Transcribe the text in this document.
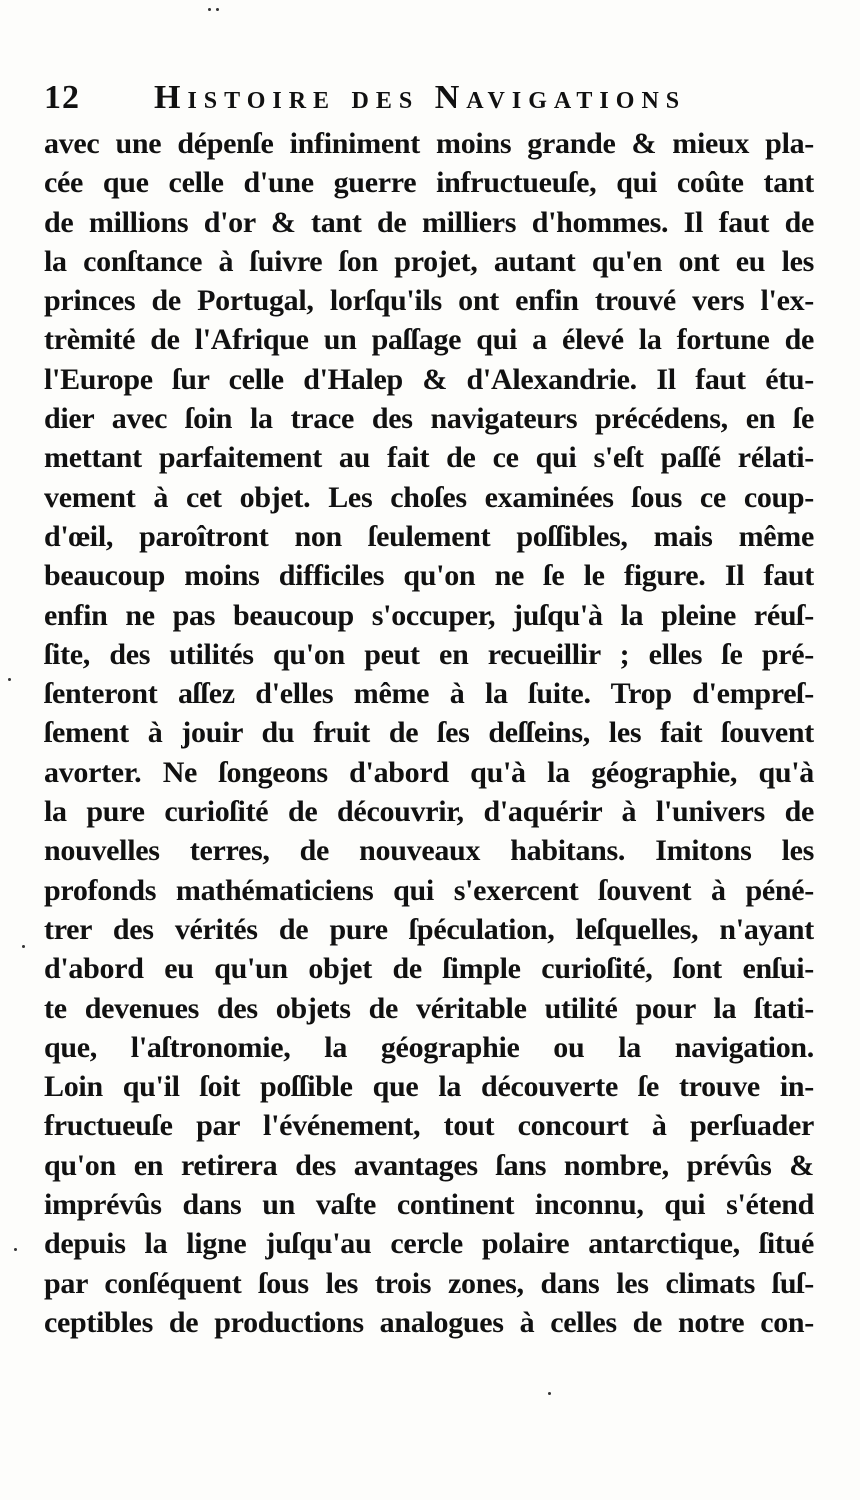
12 Histoire des Navigations
avec une dépenſe infiniment moins grande & mieux pla-
cée que celle d'une guerre infructueuſe, qui coûte tant
de millions d'or & tant de milliers d'hommes. Il faut de
la conſtance à ſuivre ſon projet, autant qu'en ont eu les
princes de Portugal, lorſqu'ils ont enfin trouvé vers l'ex-
trèmité de l'Afrique un paſſage qui a élevé la fortune de
l'Europe ſur celle d'Halep & d'Alexandrie. Il faut étu-
dier avec ſoin la trace des navigateurs précédens, en ſe
mettant parfaitement au fait de ce qui s'eſt paſſé rélati-
vement à cet objet. Les choſes examinées ſous ce coup-
d'œil, paroîtront non ſeulement poſſibles, mais même
beaucoup moins difficiles qu'on ne ſe le figure. Il faut
enfin ne pas beaucoup s'occuper, juſqu'à la pleine réuſ-
ſite, des utilités qu'on peut en recueillir ; elles ſe pré-
ſenteront aſſez d'elles même à la ſuite. Trop d'empreſ-
ſement à jouir du fruit de ſes deſſeins, les fait ſouvent
avorter. Ne ſongeons d'abord qu'à la géographie, qu'à
la pure curioſité de découvrir, d'aquérir à l'univers de
nouvelles terres, de nouveaux habitans. Imitons les
profonds mathématiciens qui s'exercent ſouvent à péné-
trer des vérités de pure ſpéculation, leſquelles, n'ayant
d'abord eu qu'un objet de ſimple curioſité, ſont enſui-
te devenues des objets de véritable utilité pour la ſtati-
que, l'aſtronomie, la géographie ou la navigation.
Loin qu'il ſoit poſſible que la découverte ſe trouve in-
fructueuſe par l'événement, tout concourt à perſuader
qu'on en retirera des avantages ſans nombre, prévûs &
imprévûs dans un vaſte continent inconnu, qui s'étend
depuis la ligne juſqu'au cercle polaire antarctique, ſitué
par conſéquent ſous les trois zones, dans les climats ſuſ-
ceptibles de productions analogues à celles de notre con-
